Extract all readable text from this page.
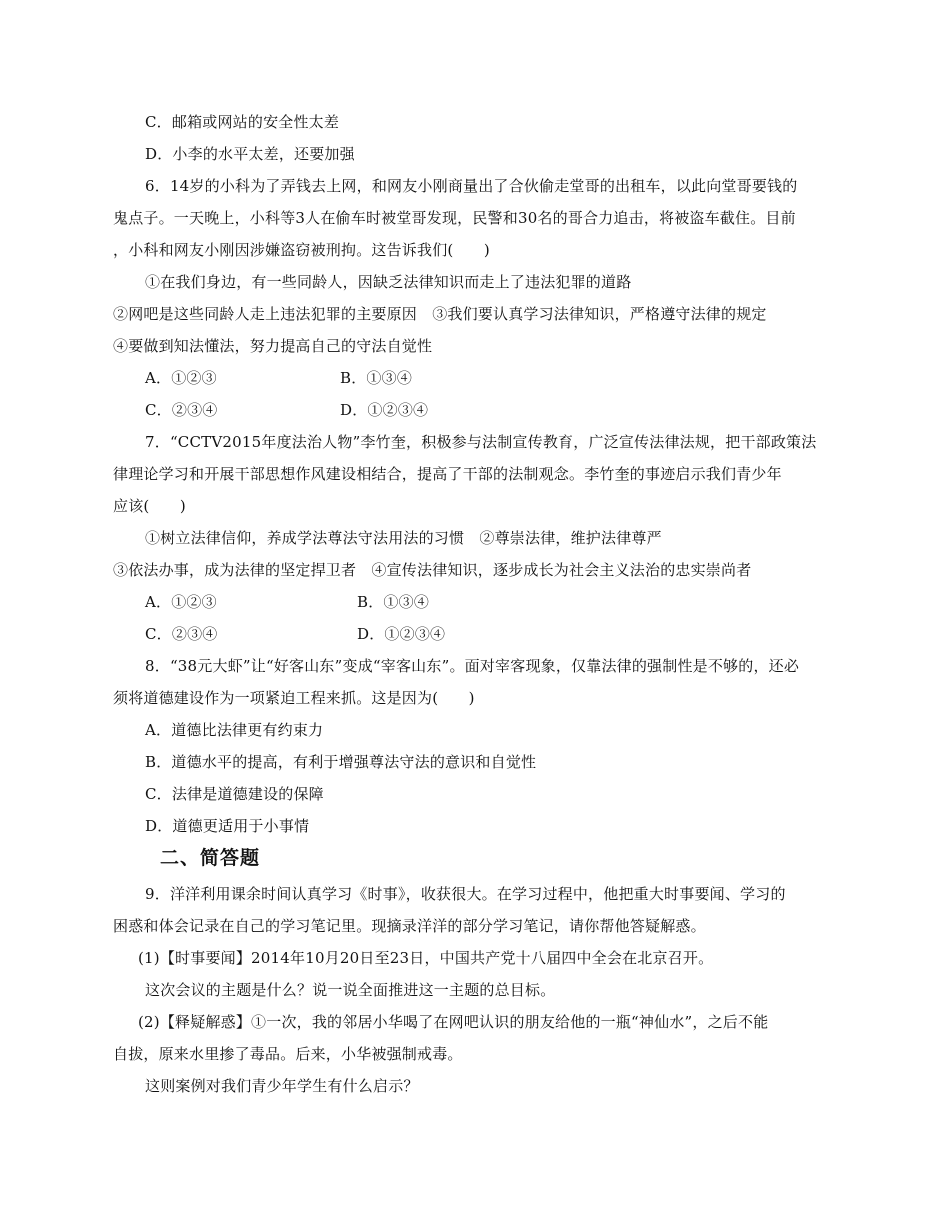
C．邮箱或网站的安全性太差
D．小李的水平太差，还要加强
6．14岁的小科为了弄钱去上网，和网友小刚商量出了合伙偷走堂哥的出租车，以此向堂哥要钱的
鬼点子。一天晚上，小科等3人在偷车时被堂哥发现，民警和30名的哥合力追击，将被盗车截住。目前
，小科和网友小刚因涉嫌盗窃被刑拘。这告诉我们(　　)
①在我们身边，有一些同龄人，因缺乏法律知识而走上了违法犯罪的道路
②网吧是这些同龄人走上违法犯罪的主要原因　③我们要认真学习法律知识，严格遵守法律的规定
④要做到知法懂法，努力提高自己的守法自觉性
A．①②③	B．①③④
C．②③④	D．①②③④
7．“CCTV2015年度法治人物”李竹奎，积极参与法制宣传教育，广泛宣传法律法规，把干部政策法
律理论学习和开展干部思想作风建设相结合，提高了干部的法制观念。李竹奎的事迹启示我们青少年
应该(　　)
①树立法律信仰，养成学法尊法守法用法的习惯　②尊崇法律，维护法律尊严
③依法办事，成为法律的坚定捍卫者　④宣传法律知识，逐步成长为社会主义法治的忠实崇尚者
A．①②③	B．①③④
C．②③④	D．①②③④
8．“38元大虾”让“好客山东”变成“宰客山东”。面对宰客现象，仅靠法律的强制性是不够的，还必
须将道德建设作为一项紧迫工程来抓。这是因为(　　)
A．道德比法律更有约束力
B．道德水平的提高，有利于增强尊法守法的意识和自觉性
C．法律是道德建设的保障
D．道德更适用于小事情
二、简答题
9．洋洋利用课余时间认真学习《时事》，收获很大。在学习过程中，他把重大时事要闻、学习的
困惑和体会记录在自己的学习笔记里。现摘录洋洋的部分学习笔记，请你帮他答疑解惑。
(1)【时事要闻】2014年10月20日至23日，中国共产党十八届四中全会在北京召开。
这次会议的主题是什么？说一说全面推进这一主题的总目标。
(2)【释疑解惑】①一次，我的邻居小华喝了在网吧认识的朋友给他的一瓶“神仙水”，之后不能
自拔，原来水里掺了毒品。后来，小华被强制戒毒。
这则案例对我们青少年学生有什么启示？
